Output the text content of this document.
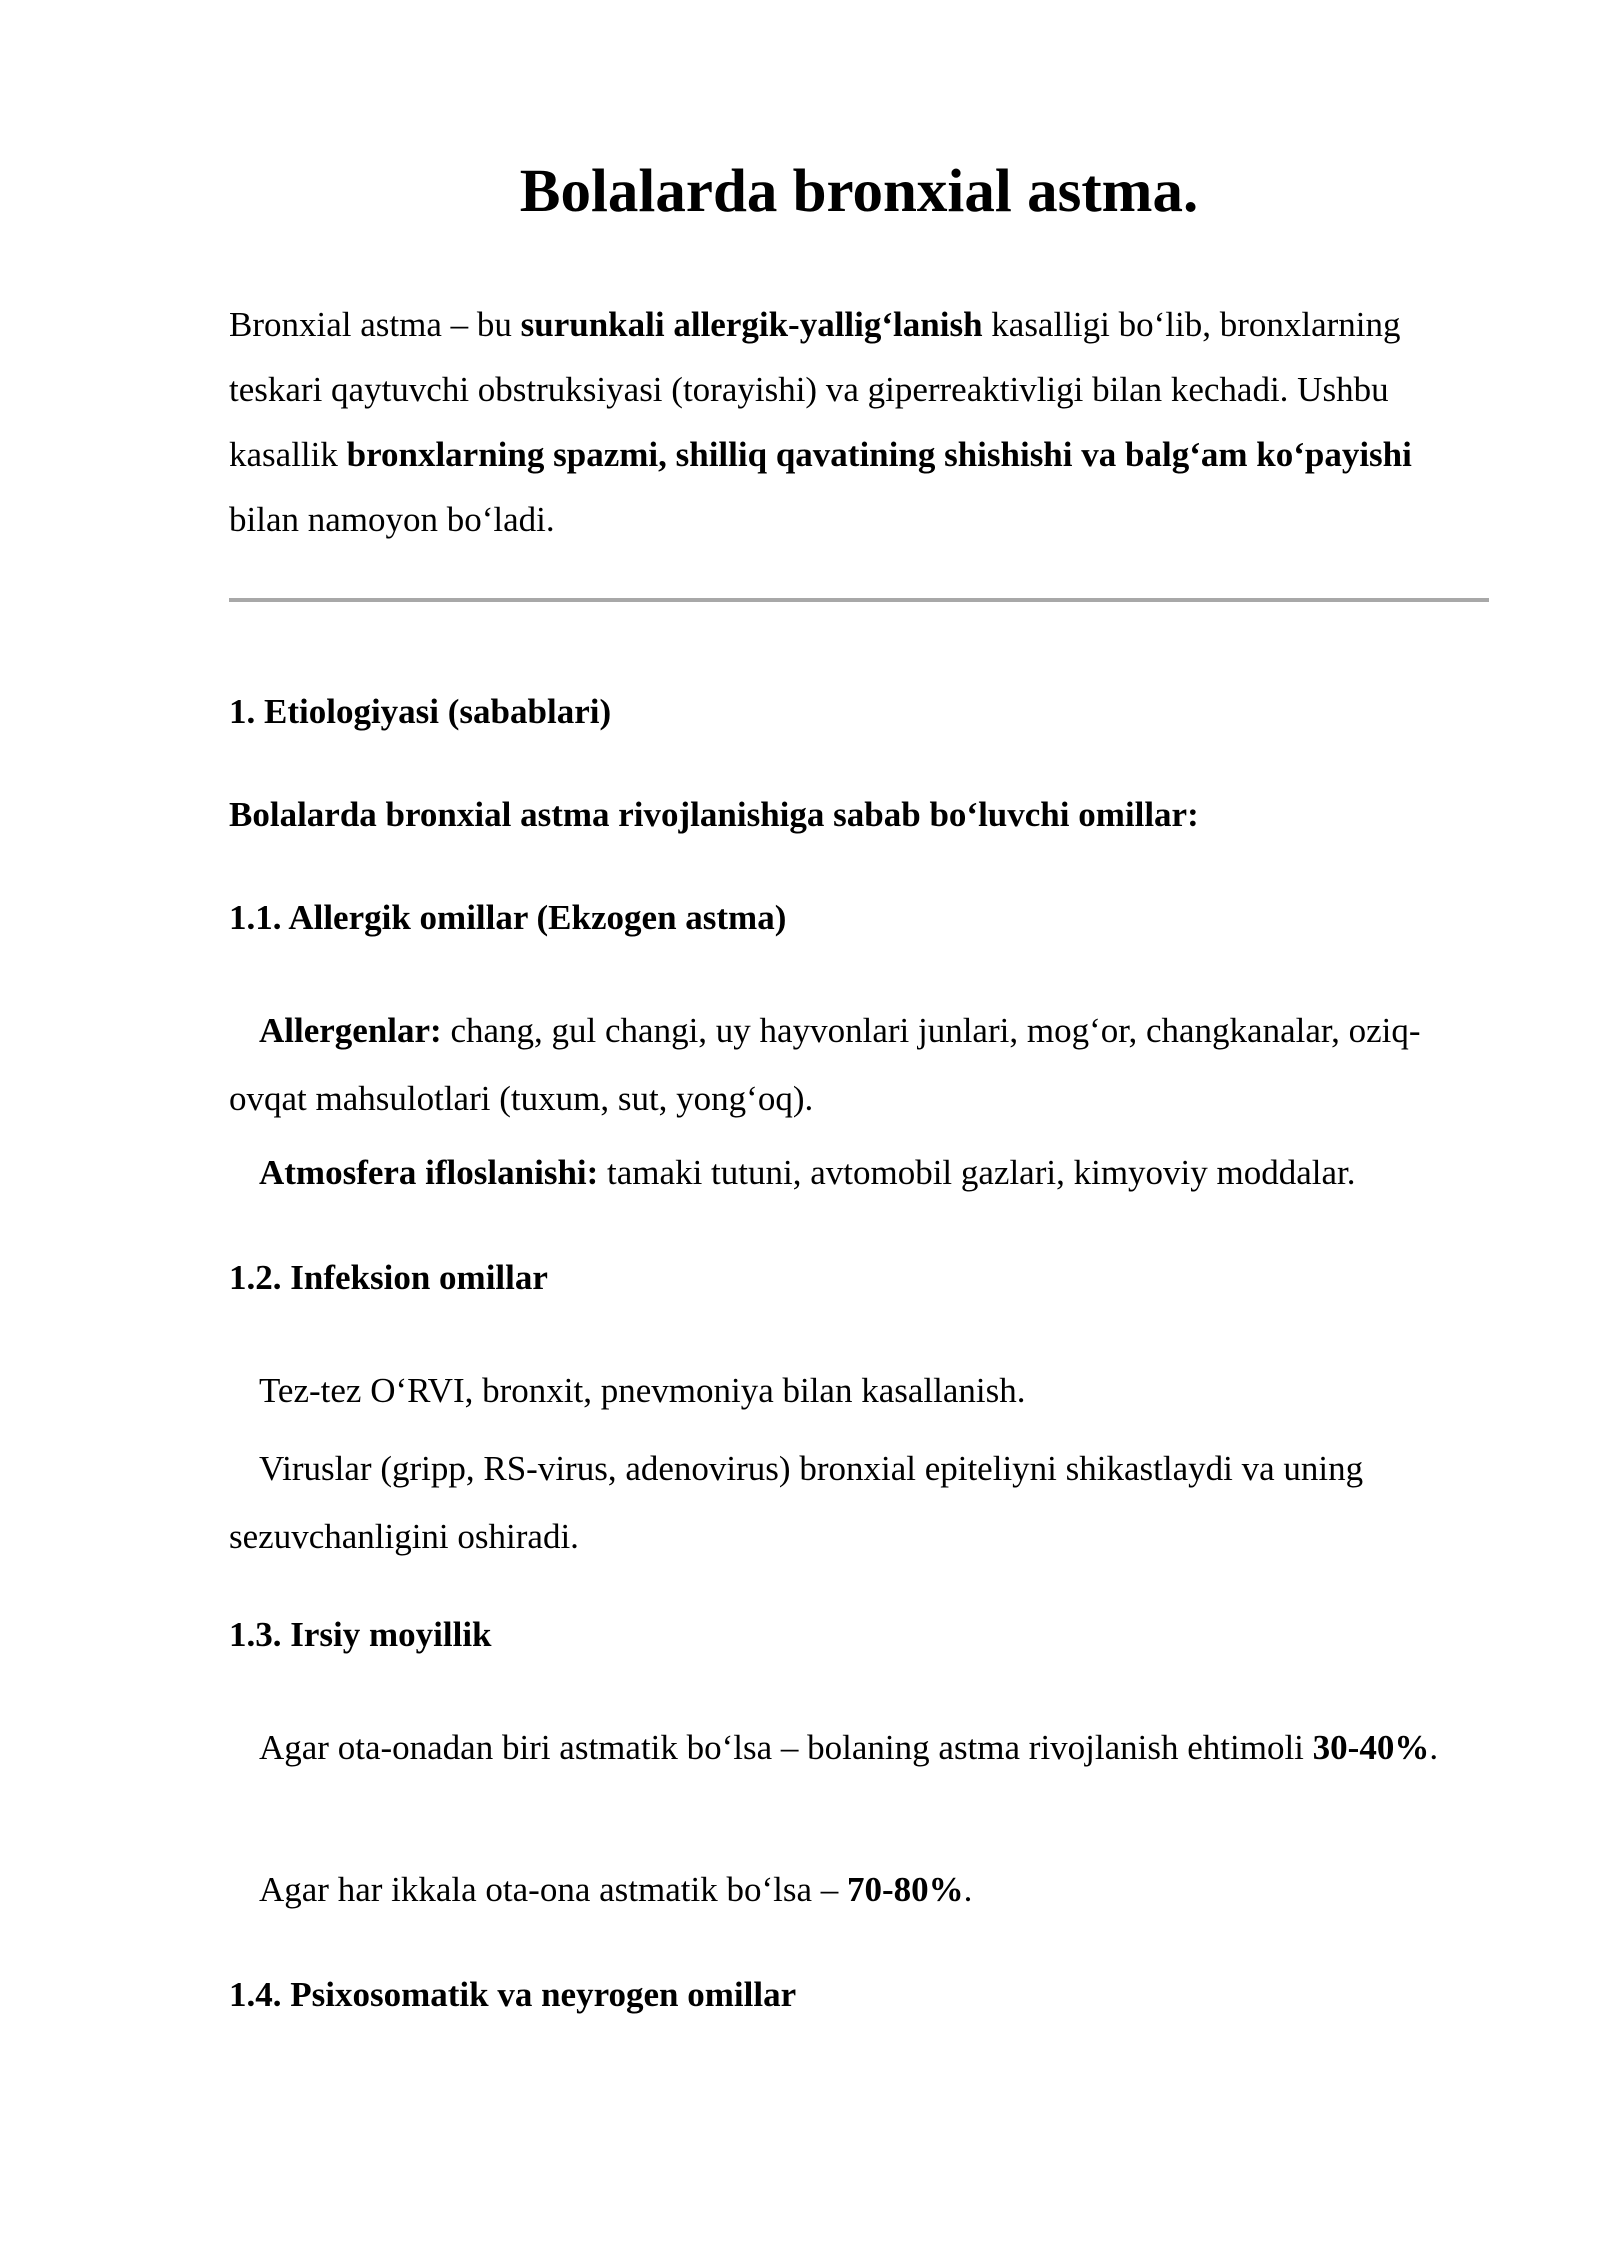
Bolalarda bronxial astma.

Bronxial astma – bu surunkali allergik-yallig‘lanish kasalligi bo‘lib, bronxlarning teskari qaytuvchi obstruksiyasi (torayishi) va giperreaktivligi bilan kechadi. Ushbu kasallik bronxlarning spazmi, shilliq qavatining shishishi va balg‘am ko‘payishi bilan namoyon bo‘ladi.

1. Etiologiyasi (sabablari)
Bolalarda bronxial astma rivojlanishiga sabab bo‘luvchi omillar:
1.1. Allergik omillar (Ekzogen astma)

Allergenlar: chang, gul changi, uy hayvonlari junlari, mog‘or, changkanalar, oziq-ovqat mahsulotlari (tuxum, sut, yong‘oq).

Atmosfera ifloslanishi: tamaki tutuni, avtomobil gazlari, kimyoviy moddalar.

1.2. Infeksion omillar

Tez-tez O‘RVI, bronxit, pnevmoniya bilan kasallanish.

Viruslar (gripp, RS-virus, adenovirus) bronxial epiteliyni shikastlaydi va uning sezuvchanligini oshiradi.

1.3. Irsiy moyillik

Agar ota-onadan biri astmatik bo‘lsa – bolaning astma rivojlanish ehtimoli 30-40%.

Agar har ikkala ota-ona astmatik bo‘lsa – 70-80%.

1.4. Psixosomatik va neyrogen omillar
